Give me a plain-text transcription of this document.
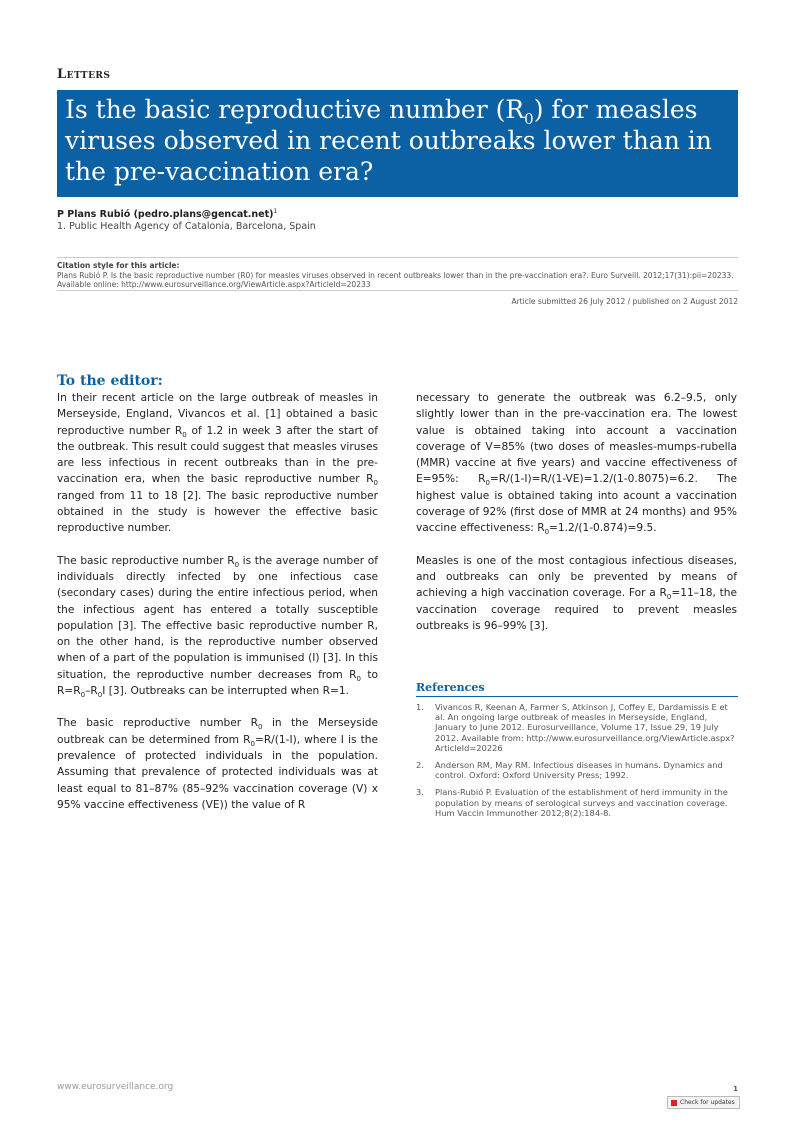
Letters
Is the basic reproductive number $(R_0)$ for measles viruses observed in recent outbreaks lower than in the pre-vaccination era?
P Plans Rubió (pedro.plans@gencat.net)$^1$
1. Public Health Agency of Catalonia, Barcelona, Spain
Citation style for this article:
Plans Rubió P. Is the basic reproductive number (R0) for measles viruses observed in recent outbreaks lower than in the pre-vaccination era?. Euro Surveill. 2012;17(31):pii=20233. Available online: http://www.eurosurveillance.org/ViewArticle.aspx?ArticleId=20233
Article submitted 26 July 2012 / published on 2 August 2012
To the editor:

In their recent article on the large outbreak of measles in Merseyside, England, Vivancos et al. [1] obtained a basic reproductive number $R_0$ of 1.2 in week 3 after the start of the outbreak. This result could suggest that measles viruses are less infectious in recent outbreaks than in the pre-vaccination era, when the basic reproductive number $R_0$ ranged from 11 to 18 [2]. The basic reproductive number obtained in the study is however the effective basic reproductive number.

The basic reproductive number $R_0$ is the average number of individuals directly infected by one infectious case (secondary cases) during the entire infectious period, when the infectious agent has entered a totally susceptible population [3]. The effective basic reproductive number R, on the other hand, is the reproductive number observed when of a part of the population is immunised (I) [3]. In this situation, the reproductive number decreases from $R_0$ to $R=R_0-R_0I$ [3]. Outbreaks can be interrupted when R=1.

The basic reproductive number $R_0$ in the Merseyside outbreak can be determined from $R_0=R/(1-I)$, where I is the prevalence of protected individuals in the population. Assuming that prevalence of protected individuals was at least equal to 81–87% (85–92% vaccination coverage (V) x 95% vaccine effectiveness (VE)) the value of R

necessary to generate the outbreak was 6.2–9.5, only slightly lower than in the pre-vaccination era. The lowest value is obtained taking into account a vaccination coverage of V=85% (two doses of measles-mumps-rubella (MMR) vaccine at five years) and vaccine effectiveness of E=95%: $R_0=R/(1-I)=R/(1-VE)=1.2/(1-0.8075)=6.2$. The highest value is obtained taking into acount a vaccination coverage of 92% (first dose of MMR at 24 months) and 95% vaccine effectiveness: $R_0=1.2/(1-0.874)=9.5$.

Measles is one of the most contagious infectious diseases, and outbreaks can only be prevented by means of achieving a high vaccination coverage. For a $R_0=11-18$, the vaccination coverage required to prevent measles outbreaks is 96–99% [3].

References
1. Vivancos R, Keenan A, Farmer S, Atkinson J, Coffey E, Dardamissis E et al. An ongoing large outbreak of measles in Merseyside, England, January to June 2012. Eurosurveillance, Volume 17, Issue 29, 19 July 2012. Available from: http://www.eurosurveillance.org/ViewArticle.aspx?ArticleId=20226
2. Anderson RM, May RM. Infectious diseases in humans. Dynamics and control. Oxford: Oxford University Press; 1992.
3. Plans-Rubió P. Evaluation of the establishment of herd immunity in the population by means of serological surveys and vaccination coverage. Hum Vaccin Immunother 2012;8(2):184-8.
www.eurosurveillance.org	1
Check for updates
